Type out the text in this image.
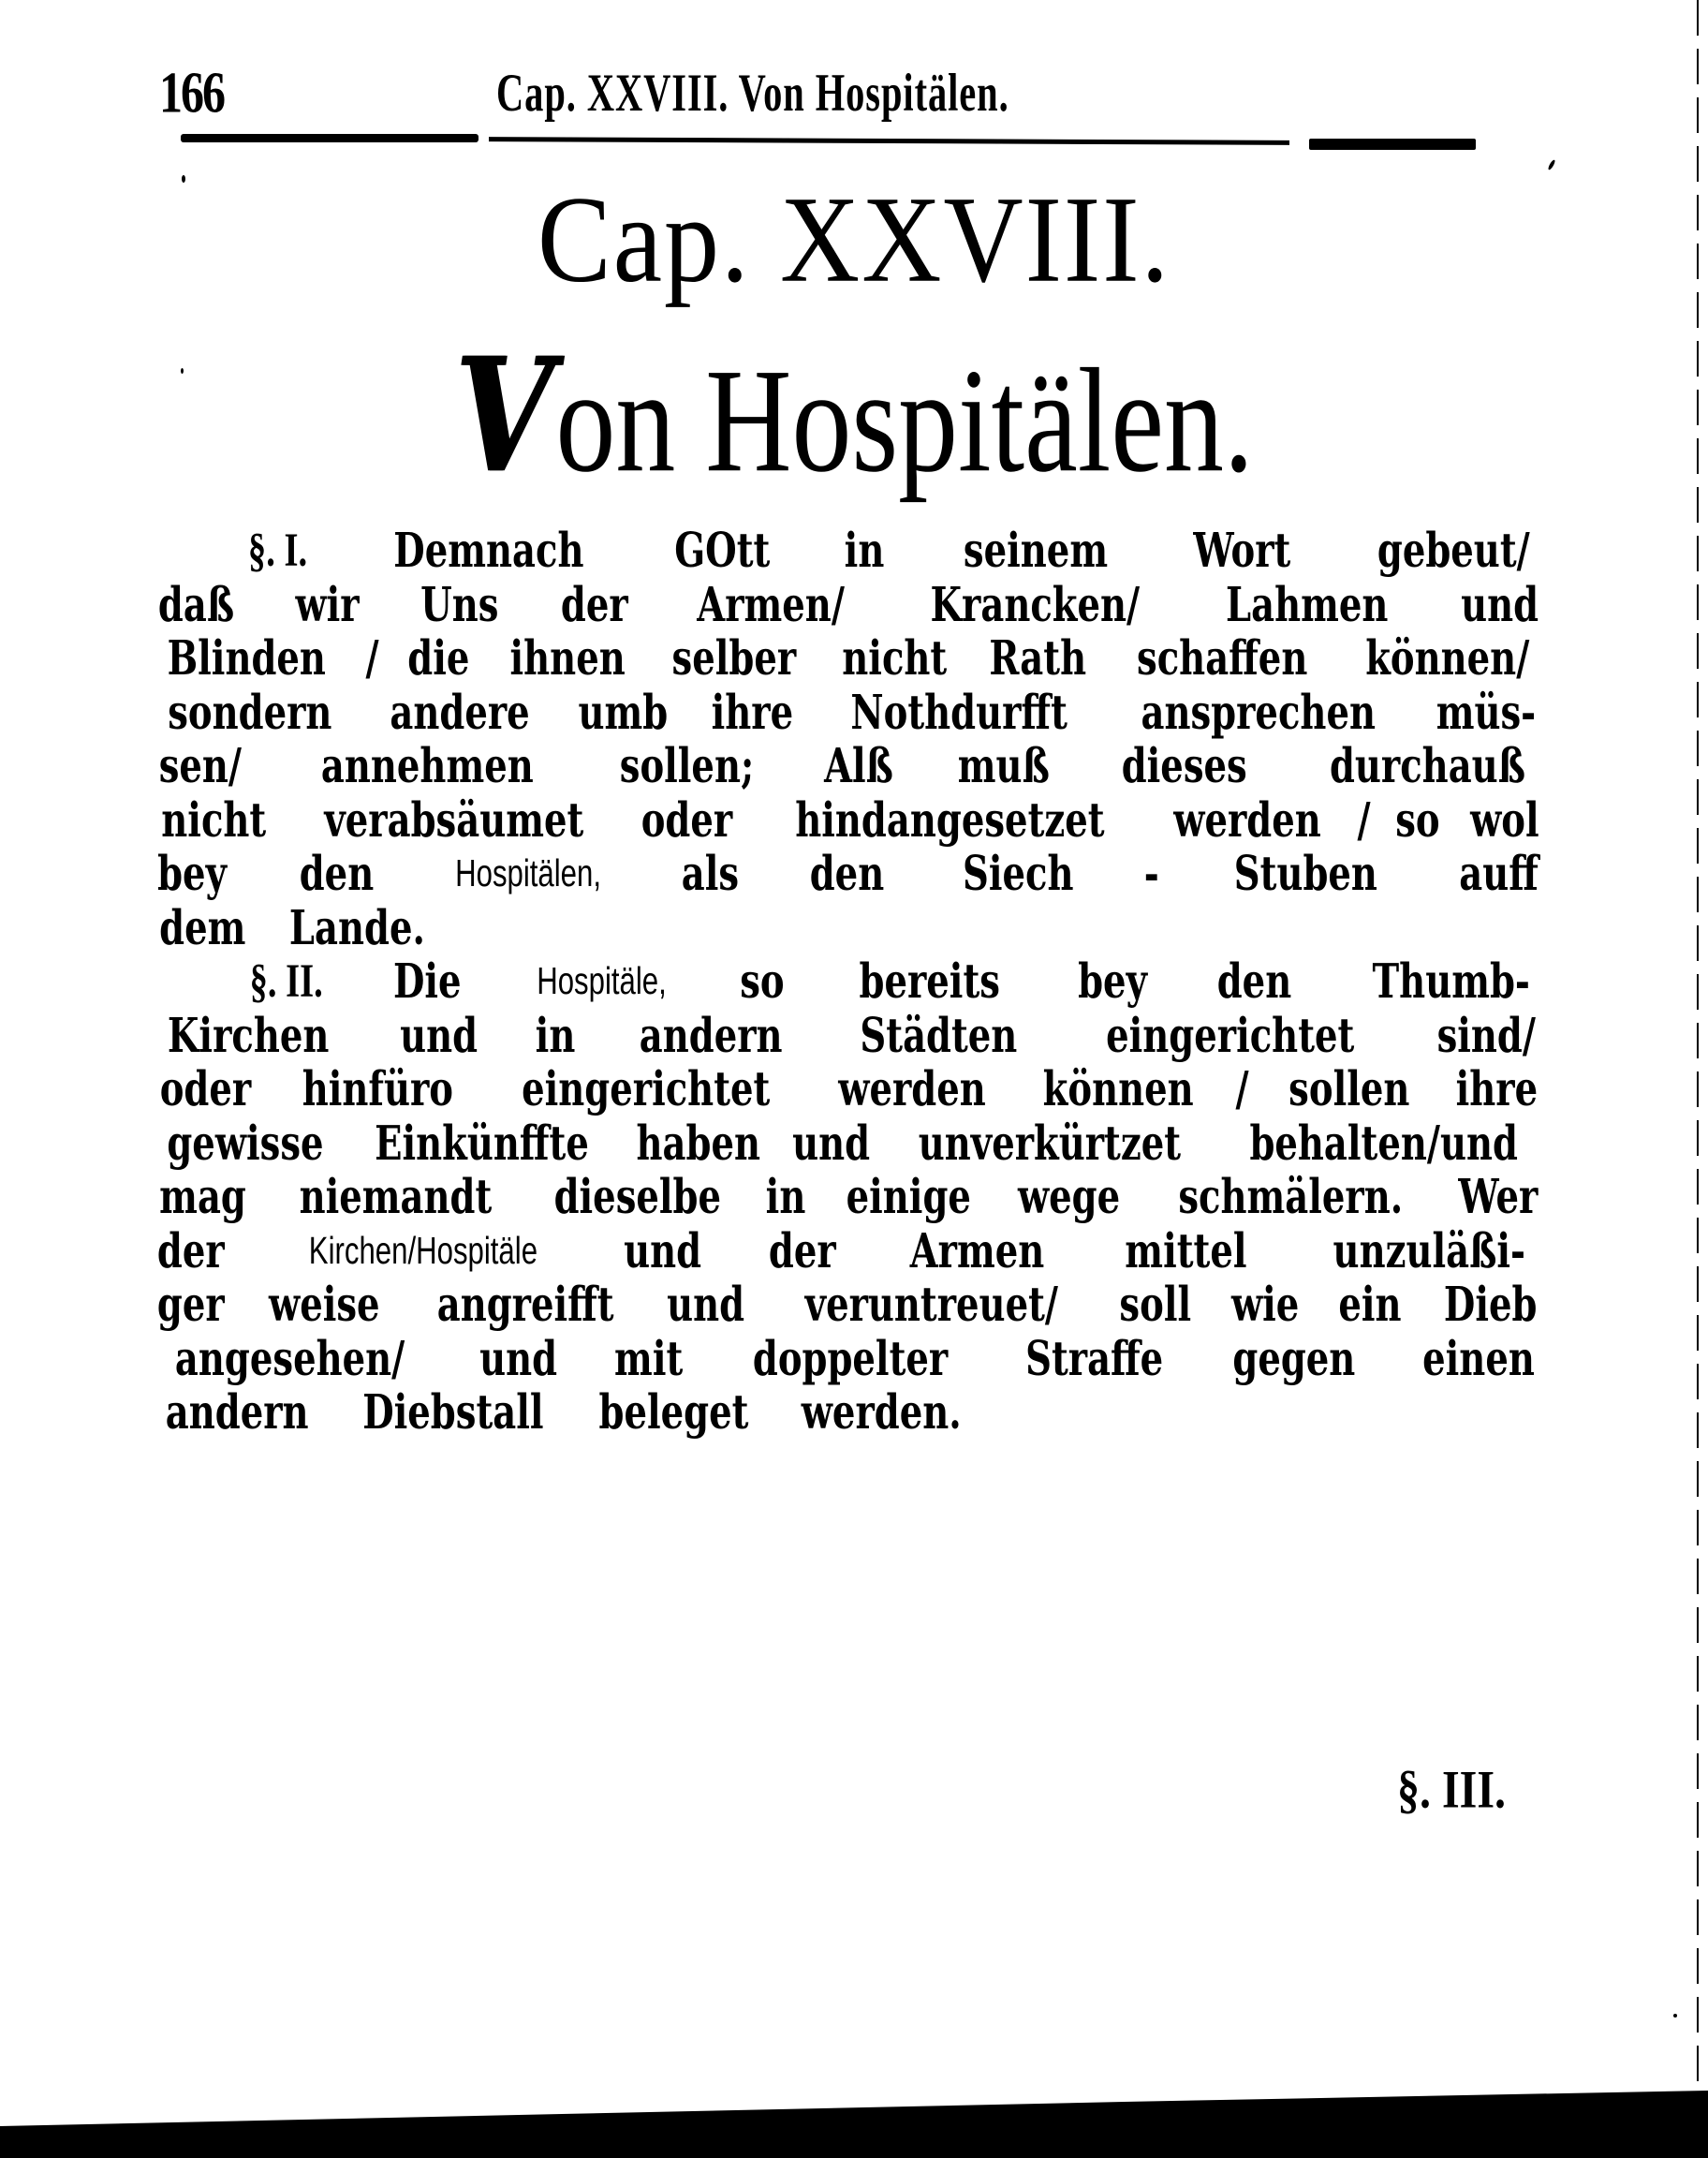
166	Cap. XXVIII. Von Hospitälen.
Cap. XXVIII.
Von Hospitälen.
§. I. Demnach GOtt in seinem Wort gebeut/
daß wir Uns der Armen/ Krancken/ Lahmen und
Blinden / die ihnen selber nicht Rath schaffen können/
sondern andere umb ihre Nothdurfft ansprechen müs-
sen/ annehmen sollen; Alß muß dieses durchauß
nicht verabsäumet oder hindangesetzet werden / so wol
bey den Hospitälen, als den Siech - Stuben auff
dem Lande.
§. II. Die Hospitäle, so bereits bey den Thumb-
Kirchen und in andern Städten eingerichtet sind/
oder hinfüro eingerichtet werden können / sollen ihre
gewisse Einkünffte haben und unverkürtzet behalten/und
mag niemandt dieselbe in einige wege schmälern. Wer
der Kirchen/Hospitäle und der Armen mittel unzuläßi-
ger weise angreifft und veruntreuet/ soll wie ein Dieb
angesehen/ und mit doppelter Straffe gegen einen
andern Diebstall beleget werden.
§. III.
